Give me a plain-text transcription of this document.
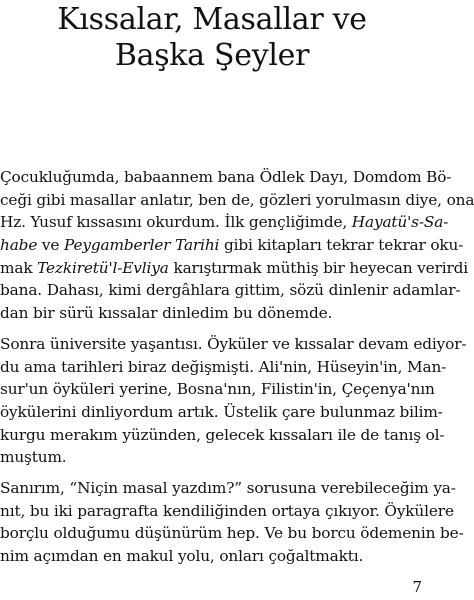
Kıssalar, Masallar ve
Başka Şeyler
Çocukluğumda, babaannem bana Ödlek Dayı, Domdom Bö-
ceği gibi masallar anlatır, ben de, gözleri yorulmasın diye, ona
Hz. Yusuf kıssasını okurdum. İlk gençliğimde, Hayatü's-Sa-
habe ve Peygamberler Tarihi gibi kitapları tekrar tekrar oku-
mak Tezkiretü'l-Evliya karıştırmak müthiş bir heyecan verirdi
bana. Dahası, kimi dergâhlara gittim, sözü dinlenir adamlar-
dan bir sürü kıssalar dinledim bu dönemde.
Sonra üniversite yaşantısı. Öyküler ve kıssalar devam ediyor-
du ama tarihleri biraz değişmişti. Ali'nin, Hüseyin'in, Man-
sur'un öyküleri yerine, Bosna'nın, Filistin'in, Çeçenya'nın
öykülerini dinliyordum artık. Üstelik çare bulunmaz bilim-
kurgu merakım yüzünden, gelecek kıssaları ile de tanış ol-
muştum.
Sanırım, “Niçin masal yazdım?” sorusuna verebileceğim ya-
nıt, bu iki paragrafta kendiliğinden ortaya çıkıyor. Öykülere
borçlu olduğumu düşünürüm hep. Ve bu borcu ödemenin be-
nim açımdan en makul yolu, onları çoğaltmaktı.
7
